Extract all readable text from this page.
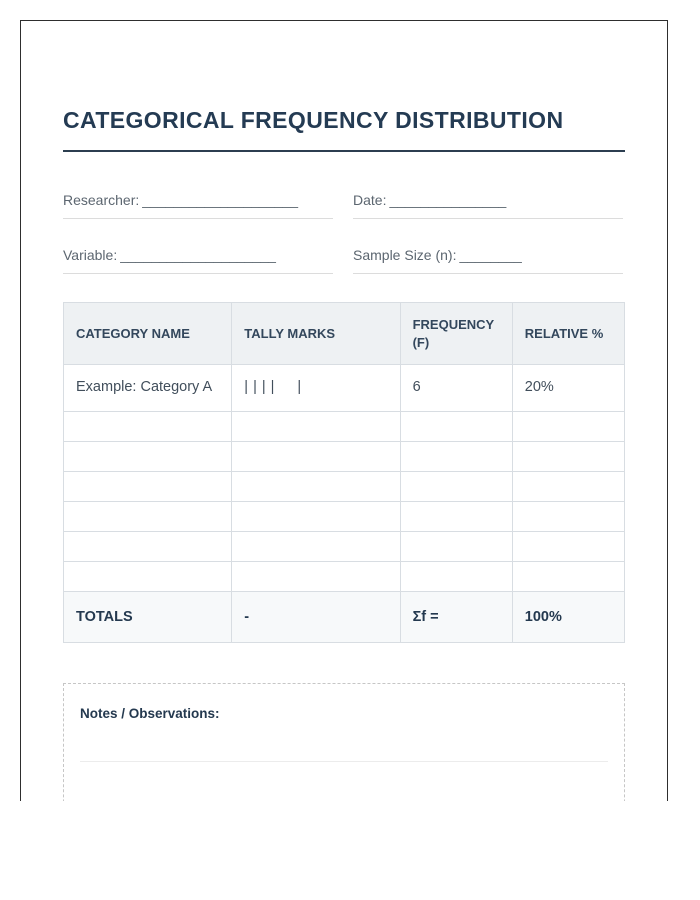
CATEGORICAL FREQUENCY DISTRIBUTION
Researcher: ____________________	Date: _______________
Variable: ____________________	Sample Size (n): ________
CATEGORY NAME	TALLY MARKS	FREQUENCY (F)	RELATIVE %
Example: Category A	||||  |	6	20%

TOTALS	-	Σf =	100%
Notes / Observations:
